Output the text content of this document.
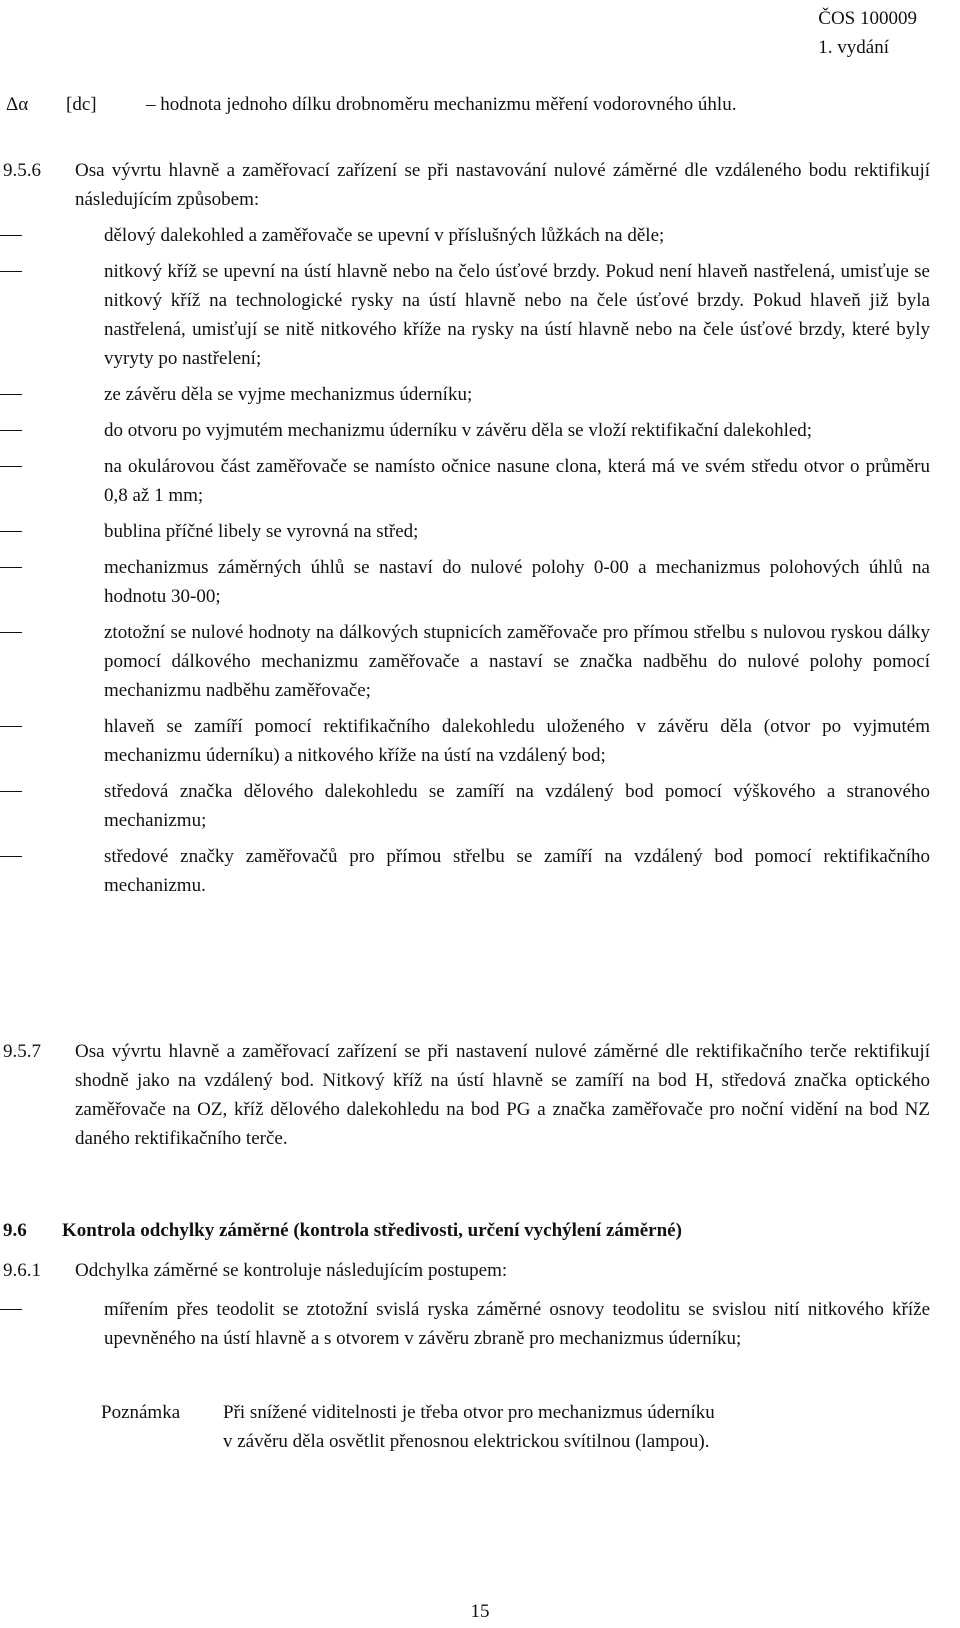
ČOS 100009
1. vydání
Δα [dc]	– hodnota jednoho dílku drobnoměru mechanizmu měření vodorovného úhlu.
9.5.6 Osa vývrtu hlavně a zaměřovací zařízení se při nastavování nulové záměrné dle vzdáleného bodu rektifikují následujícím způsobem:
dělový dalekohled a zaměřovače se upevní v příslušných lůžkách na děle;
nitkový kříž se upevní na ústí hlavně nebo na čelo úsťové brzdy. Pokud není hlaveň nastřelená, umisťuje se nitkový kříž na technologické rysky na ústí hlavně nebo na čele úsťové brzdy. Pokud hlaveň již byla nastřelená, umisťují se nitě nitkového kříže na rysky na ústí hlavně nebo na čele úsťové brzdy, které byly vyryty po nastřelení;
ze závěru děla se vyjme mechanizmus úderníku;
do otvoru po vyjmutém mechanizmu úderníku v závěru děla se vloží rektifikační dalekohled;
na okulárovou část zaměřovače se namísto očnice nasune clona, která má ve svém středu otvor o průměru 0,8 až 1 mm;
bublina příčné libely se vyrovná na střed;
mechanizmus záměrných úhlů se nastaví do nulové polohy 0-00 a mechanizmus polohových úhlů na hodnotu 30-00;
ztotožní se nulové hodnoty na dálkových stupnicích zaměřovače pro přímou střelbu s nulovou ryskou dálky pomocí dálkového mechanizmu zaměřovače a nastaví se značka nadběhu do nulové polohy pomocí mechanizmu nadběhu zaměřovače;
hlaveň se zamíří pomocí rektifikačního dalekohledu uloženého v závěru děla (otvor po vyjmutém mechanizmu úderníku) a nitkového kříže na ústí na vzdálený bod;
středová značka dělového dalekohledu se zamíří na vzdálený bod pomocí výškového a stranového mechanizmu;
středové značky zaměřovačů pro přímou střelbu se zamíří na vzdálený bod pomocí rektifikačního mechanizmu.
9.5.7 Osa vývrtu hlavně a zaměřovací zařízení se při nastavení nulové záměrné dle rektifikačního terče rektifikují shodně jako na vzdálený bod. Nitkový kříž na ústí hlavně se zamíří na bod H, středová značka optického zaměřovače na OZ, kříž dělového dalekohledu na bod PG a značka zaměřovače pro noční vidění na bod NZ daného rektifikačního terče.
9.6 Kontrola odchylky záměrné (kontrola středivosti, určení vychýlení záměrné)
9.6.1 Odchylka záměrné se kontroluje následujícím postupem:
mířením přes teodolit se ztotožní svislá ryska záměrné osnovy teodolitu se svislou nití nitkového kříže upevněného na ústí hlavně a s otvorem v závěru zbraně pro mechanizmus úderníku;
Poznámka Při snížené viditelnosti je třeba otvor pro mechanizmus úderníku
v závěru děla osvětlit přenosnou elektrickou svítilnou (lampou).
15
